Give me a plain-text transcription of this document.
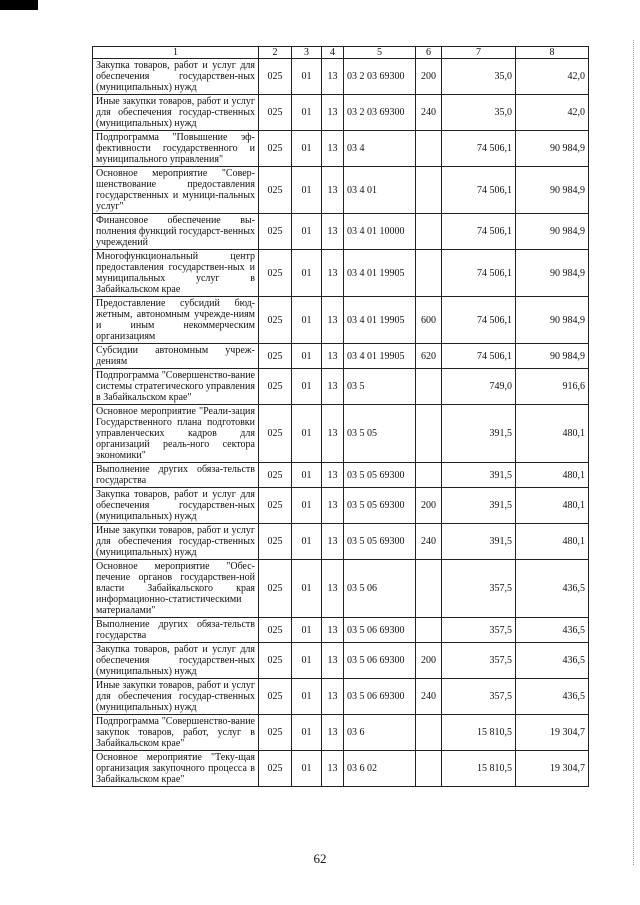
1	2	3	4	5	6	7	8
Закупка товаров, работ и услуг для обеспечения государствен-ных (муниципальных) нужд	025	01	13	03 2 03 69300	200	35,0	42,0
Иные закупки товаров, работ и услуг для обеспечения государ-ственных (муниципальных) нужд	025	01	13	03 2 03 69300	240	35,0	42,0
Подпрограмма "Повышение эф-фективности государственного и муниципального управления"	025	01	13	03 4		74 506,1	90 984,9
Основное мероприятие "Совер-шенствование предоставления государственных и муници-пальных услуг"	025	01	13	03 4 01		74 506,1	90 984,9
Финансовое обеспечение вы-полнения функций государст-венных учреждений	025	01	13	03 4 01 10000		74 506,1	90 984,9
Многофункциональный центр предоставления государствен-ных и муниципальных услуг в Забайкальском крае	025	01	13	03 4 01 19905		74 506,1	90 984,9
Предоставление субсидий бюд-жетным, автономным учрежде-ниям и иным некоммерческим организациям	025	01	13	03 4 01 19905	600	74 506,1	90 984,9
Субсидии автономным учреж-дениям	025	01	13	03 4 01 19905	620	74 506,1	90 984,9
Подпрограмма "Совершенство-вание системы стратегического управления в Забайкальском крае"	025	01	13	03 5		749,0	916,6
Основное мероприятие "Реали-зация Государственного плана подготовки управленческих кадров для организаций реаль-ного сектора экономики"	025	01	13	03 5 05		391,5	480,1
Выполнение других обяза-тельств государства	025	01	13	03 5 05 69300		391,5	480,1
Закупка товаров, работ и услуг для обеспечения государствен-ных (муниципальных) нужд	025	01	13	03 5 05 69300	200	391,5	480,1
Иные закупки товаров, работ и услуг для обеспечения государ-ственных (муниципальных) нужд	025	01	13	03 5 05 69300	240	391,5	480,1
Основное мероприятие "Обес-печение органов государствен-ной власти Забайкальского края информационно-статистическими материалами"	025	01	13	03 5 06		357,5	436,5
Выполнение других обяза-тельств государства	025	01	13	03 5 06 69300		357,5	436,5
Закупка товаров, работ и услуг для обеспечения государствен-ных (муниципальных) нужд	025	01	13	03 5 06 69300	200	357,5	436,5
Иные закупки товаров, работ и услуг для обеспечения государ-ственных (муниципальных) нужд	025	01	13	03 5 06 69300	240	357,5	436,5
Подпрограмма "Совершенство-вание закупок товаров, работ, услуг в Забайкальском крае"	025	01	13	03 6		15 810,5	19 304,7
Основное мероприятие "Теку-щая организация закупочного процесса в Забайкальском крае"	025	01	13	03 6 02		15 810,5	19 304,7
62
